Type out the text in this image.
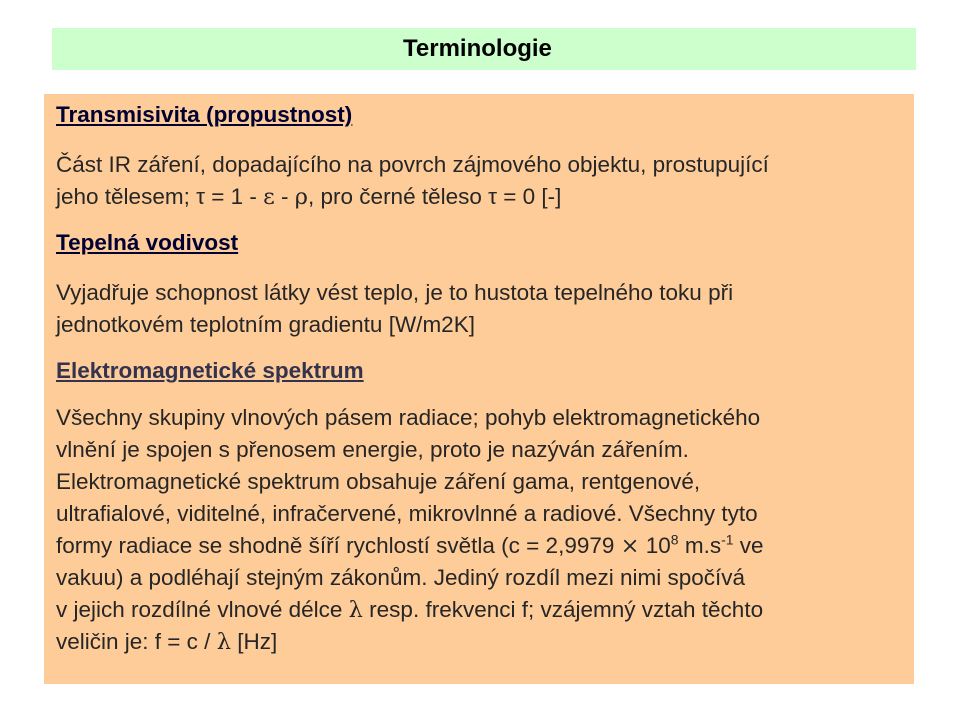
Terminologie
Transmisivita (propustnost)
Část IR záření, dopadajícího na povrch zájmového objektu, prostupující
jeho tělesem; τ = 1 - ε - ρ, pro černé těleso τ = 0 [-]
Tepelná vodivost
Vyjadřuje schopnost látky vést teplo, je to hustota tepelného toku při
jednotkovém teplotním gradientu [W/m2K]
Elektromagnetické spektrum
Všechny skupiny vlnových pásem radiace; pohyb elektromagnetického
vlnění je spojen s přenosem energie, proto je nazýván zářením.
Elektromagnetické spektrum obsahuje záření gama, rentgenové,
ultrafialové, viditelné, infračervené, mikrovlnné a radiové. Všechny tyto
formy radiace se shodně šíří rychlostí světla ($c = 2,9979 \times 10^8$ $m.s^{-1}$ ve
vakuu) a podléhají stejným zákonům. Jediný rozdíl mezi nimi spočívá
v jejich rozdílné vlnové délce λ resp. frekvenci f; vzájemný vztah těchto
veličin je: f = c / λ [Hz]
